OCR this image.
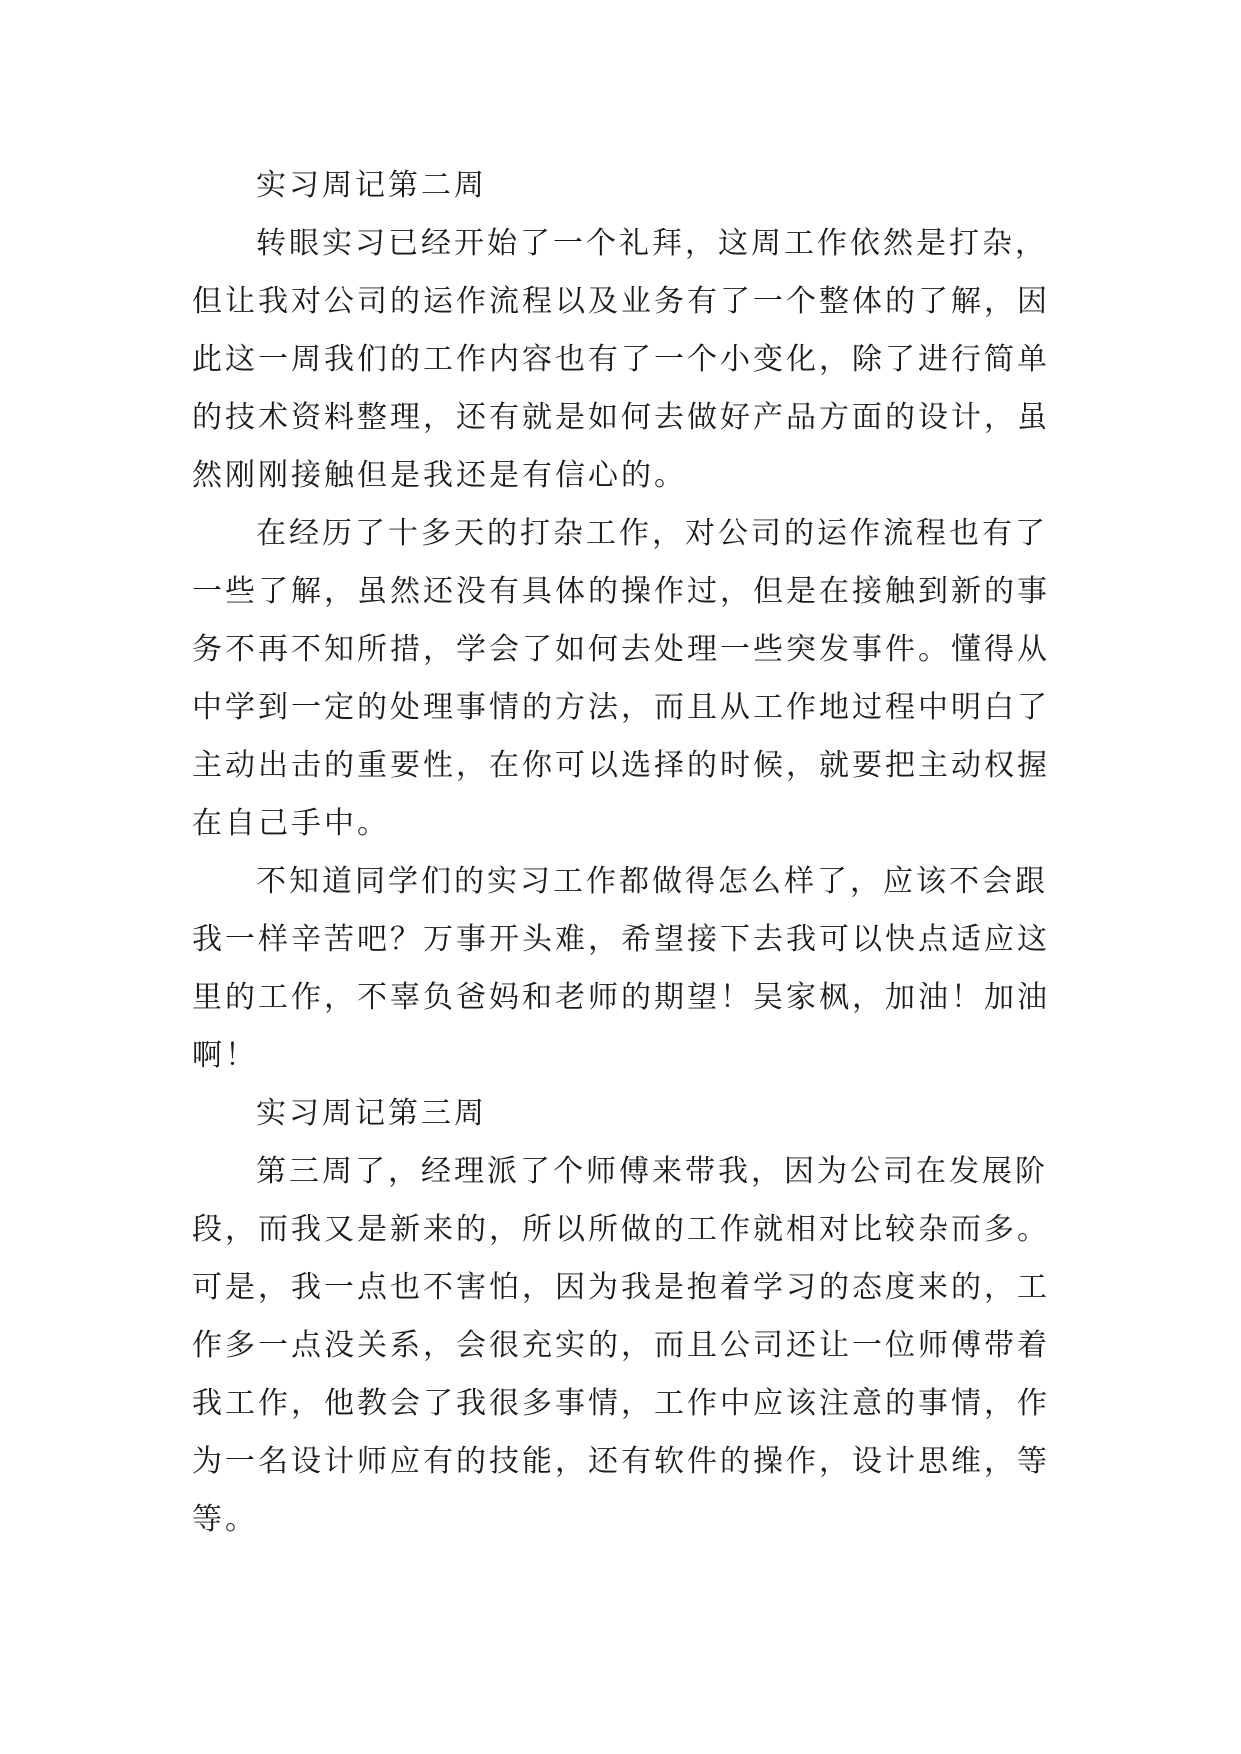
实习周记第二周
转眼实习已经开始了一个礼拜，这周工作依然是打杂，
但让我对公司的运作流程以及业务有了一个整体的了解，因
此这一周我们的工作内容也有了一个小变化，除了进行简单
的技术资料整理，还有就是如何去做好产品方面的设计，虽
然刚刚接触但是我还是有信心的。
在经历了十多天的打杂工作，对公司的运作流程也有了
一些了解，虽然还没有具体的操作过，但是在接触到新的事
务不再不知所措，学会了如何去处理一些突发事件。懂得从
中学到一定的处理事情的方法，而且从工作地过程中明白了
主动出击的重要性，在你可以选择的时候，就要把主动权握
在自己手中。
不知道同学们的实习工作都做得怎么样了，应该不会跟
我一样辛苦吧？万事开头难，希望接下去我可以快点适应这
里的工作，不辜负爸妈和老师的期望！吴家枫，加油！加油
啊！
实习周记第三周
第三周了，经理派了个师傅来带我，因为公司在发展阶
段，而我又是新来的，所以所做的工作就相对比较杂而多。
可是，我一点也不害怕，因为我是抱着学习的态度来的，工
作多一点没关系，会很充实的，而且公司还让一位师傅带着
我工作，他教会了我很多事情，工作中应该注意的事情，作
为一名设计师应有的技能，还有软件的操作，设计思维，等
等。
